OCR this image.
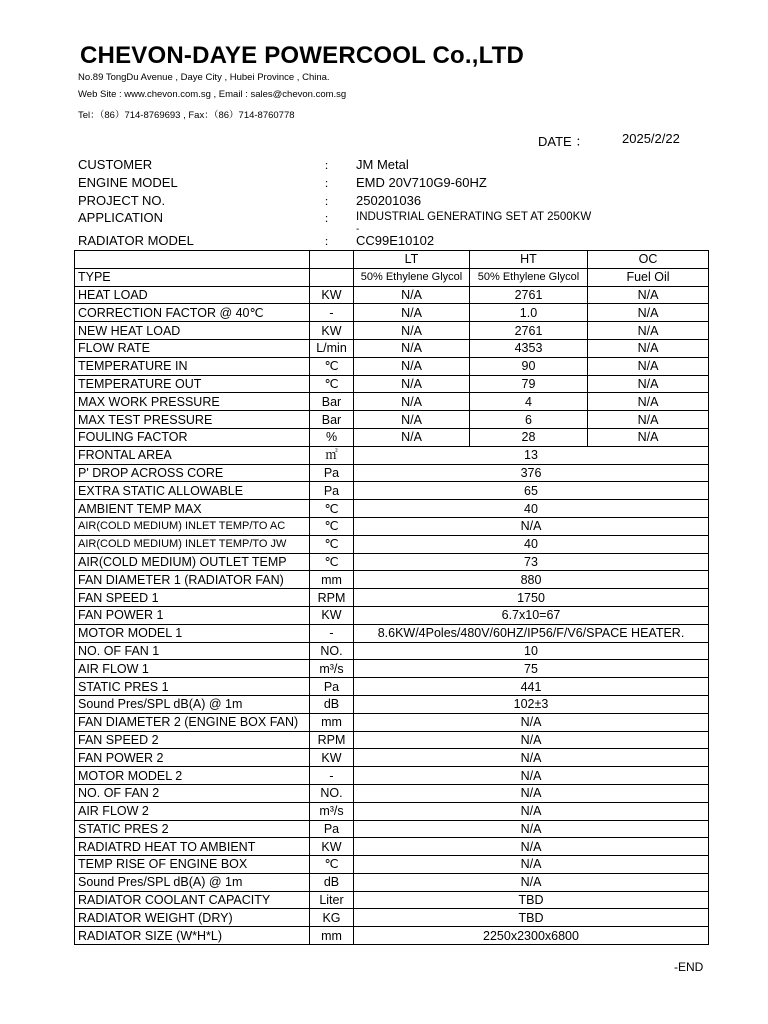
CHEVON-DAYE POWERCOOL Co.,LTD
No.89 TongDu Avenue , Daye City , Hubei Province , China.
Web Site : www.chevon.com.sg , Email : sales@chevon.com.sg
Tel：（86）714-8769693 , Fax：（86）714-8760778
DATE ：	2025/2/22
CUSTOMER	： JM Metal
ENGINE MODEL	： EMD 20V710G9-60HZ
PROJECT NO.	： 250201036
APPLICATION	： INDUSTRIAL GENERATING SET AT 2500KW
-
RADIATOR MODEL	： CC99E10102
		LT	HT	OC
TYPE		50% Ethylene Glycol	50% Ethylene Glycol	Fuel Oil
HEAT LOAD	KW	N/A	2761	N/A
CORRECTION FACTOR @ 40℃	-	N/A	1.0	N/A
NEW HEAT LOAD	KW	N/A	2761	N/A
FLOW RATE	L/min	N/A	4353	N/A
TEMPERATURE IN	℃	N/A	90	N/A
TEMPERATURE OUT	℃	N/A	79	N/A
MAX WORK PRESSURE	Bar	N/A	4	N/A
MAX TEST PRESSURE	Bar	N/A	6	N/A
FOULING FACTOR	%	N/A	28	N/A
FRONTAL AREA	㎡	13		
P' DROP ACROSS CORE	Pa	376		
EXTRA STATIC ALLOWABLE	Pa	65		
AMBIENT TEMP MAX	℃	40		
AIR(COLD MEDIUM) INLET TEMP/TO AC	℃	N/A		
AIR(COLD MEDIUM) INLET TEMP/TO JW	℃	40		
AIR(COLD MEDIUM) OUTLET TEMP	℃	73		
FAN DIAMETER 1 (RADIATOR FAN)	mm	880		
FAN SPEED 1	RPM	1750		
FAN POWER 1	KW	6.7x10=67		
MOTOR MODEL 1	-	8.6KW/4Poles/480V/60HZ/IP56/F/V6/SPACE HEATER.		
NO. OF FAN 1	NO.	10		
AIR FLOW 1	m³/s	75		
STATIC PRES 1	Pa	441		
Sound Pres/SPL dB(A) @ 1m	dB	102±3		
FAN DIAMETER 2 (ENGINE BOX FAN)	mm	N/A		
FAN SPEED 2	RPM	N/A		
FAN POWER 2	KW	N/A		
MOTOR MODEL 2	-	N/A		
NO. OF FAN 2	NO.	N/A		
AIR FLOW 2	m³/s	N/A		
STATIC PRES 2	Pa	N/A		
RADIATRD HEAT TO AMBIENT	KW	N/A		
TEMP RISE OF ENGINE BOX	℃	N/A		
Sound Pres/SPL dB(A) @ 1m	dB	N/A		
RADIATOR COOLANT CAPACITY	Liter	TBD		
RADIATOR WEIGHT (DRY)	KG	TBD		
RADIATOR SIZE (W*H*L)	mm	2250x2300x6800		
-END
